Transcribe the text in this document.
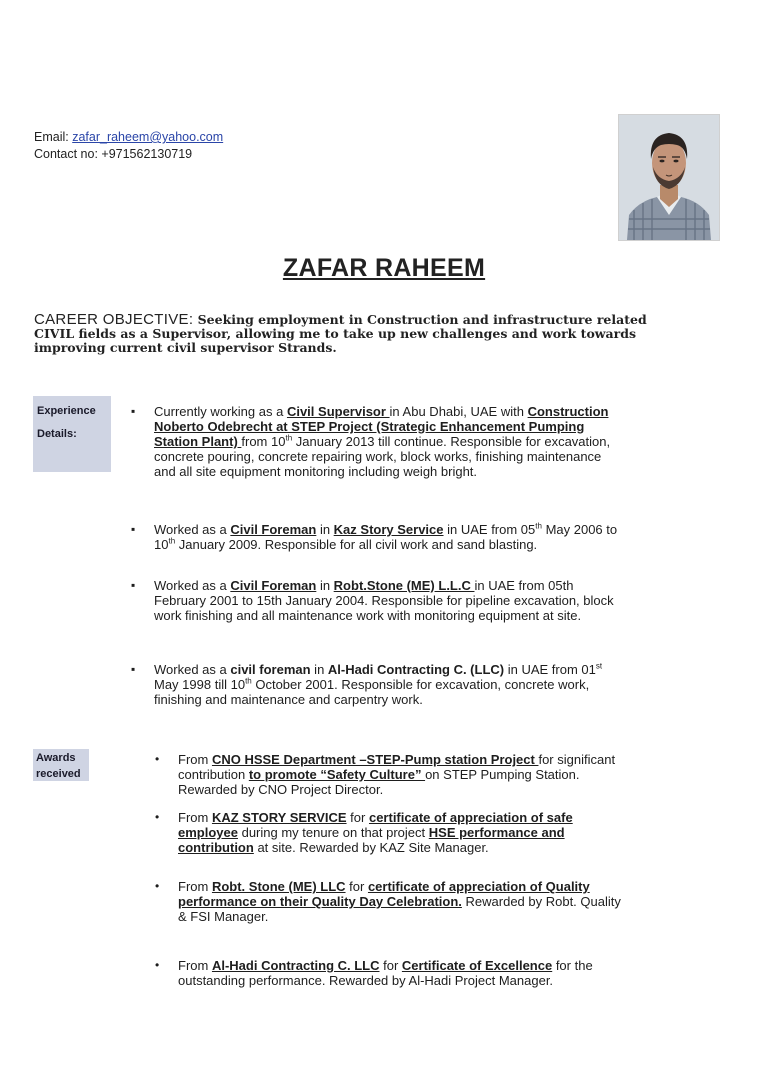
Email: zafar_raheem@yahoo.com
Contact no: +971562130719
ZAFAR RAHEEM
CAREER OBJECTIVE: Seeking employment in Construction and infrastructure related CIVIL fields as a Supervisor, allowing me to take up new challenges and work towards improving current civil supervisor Strands.
Experience
Details:
▪ Currently working as a Civil Supervisor in Abu Dhabi, UAE with Construction Noberto Odebrecht at STEP Project (Strategic Enhancement Pumping Station Plant) from 10th January 2013 till continue. Responsible for excavation, concrete pouring, concrete repairing work, block works, finishing maintenance and all site equipment monitoring including weigh bright.
▪ Worked as a Civil Foreman in Kaz Story Service in UAE from 05th May 2006 to 10th January 2009. Responsible for all civil work and sand blasting.
▪ Worked as a Civil Foreman in Robt.Stone (ME) L.L.C in UAE from 05th February 2001 to 15th January 2004. Responsible for pipeline excavation, block work finishing and all maintenance work with monitoring equipment at site.
▪ Worked as a civil foreman in Al-Hadi Contracting C. (LLC) in UAE from 01st May 1998 till 10th October 2001. Responsible for excavation, concrete work, finishing and maintenance and carpentry work.
Awards
received
• From CNO HSSE Department –STEP-Pump station Project for significant contribution to promote “Safety Culture” on STEP Pumping Station. Rewarded by CNO Project Director.
• From KAZ STORY SERVICE for certificate of appreciation of safe employee during my tenure on that project HSE performance and contribution at site. Rewarded by KAZ Site Manager.
• From Robt. Stone (ME) LLC for certificate of appreciation of Quality performance on their Quality Day Celebration. Rewarded by Robt. Quality & FSI Manager.
• From Al-Hadi Contracting C. LLC for Certificate of Excellence for the outstanding performance. Rewarded by Al-Hadi Project Manager.
